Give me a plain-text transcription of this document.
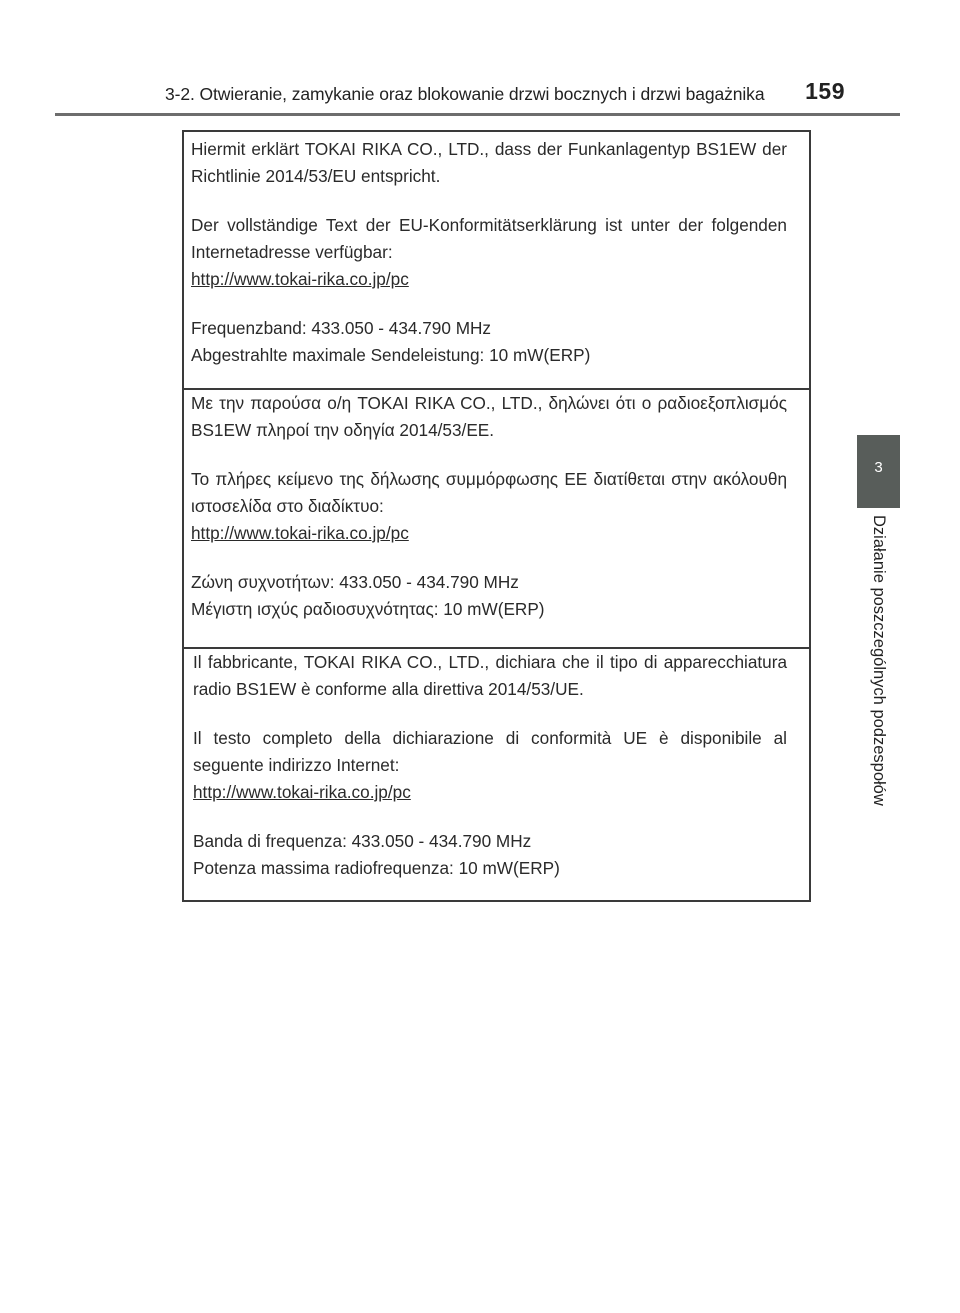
3-2. Otwieranie, zamykanie oraz blokowanie drzwi bocznych i drzwi bagażnika 159
3
Działanie poszczególnych podzespołów

Hiermit erklärt TOKAI RIKA CO., LTD., dass der Funkanlagentyp BS1EW der Richtlinie 2014/53/EU entspricht.

Der vollständige Text der EU-Konformitätserklärung ist unter der folgenden Internetadresse verfügbar:

http://www.tokai-rika.co.jp/pc
Frequenzband: 433.050 - 434.790 MHz
Abgestrahlte maximale Sendeleistung: 10 mW(ERP)

Με την παρούσα ο/η TOKAI RIKA CO., LTD., δηλώνει ότι ο ραδιοεξοπλισμός BS1EW πληροί την οδηγία 2014/53/ΕΕ.

Το πλήρες κείμενο της δήλωσης συμμόρφωσης ΕΕ διατίθεται στην ακόλουθη ιστοσελίδα στο διαδίκτυο:

http://www.tokai-rika.co.jp/pc
Ζώνη συχνοτήτων: 433.050 - 434.790 MHz
Μέγιστη ισχύς ραδιοσυχνότητας: 10 mW(ERP)

Il fabbricante, TOKAI RIKA CO., LTD., dichiara che il tipo di apparecchiatura radio BS1EW è conforme alla direttiva 2014/53/UE.

Il testo completo della dichiarazione di conformità UE è disponibile al seguente indirizzo Internet:

http://www.tokai-rika.co.jp/pc
Banda di frequenza: 433.050 - 434.790 MHz
Potenza massima radiofrequenza: 10 mW(ERP)
